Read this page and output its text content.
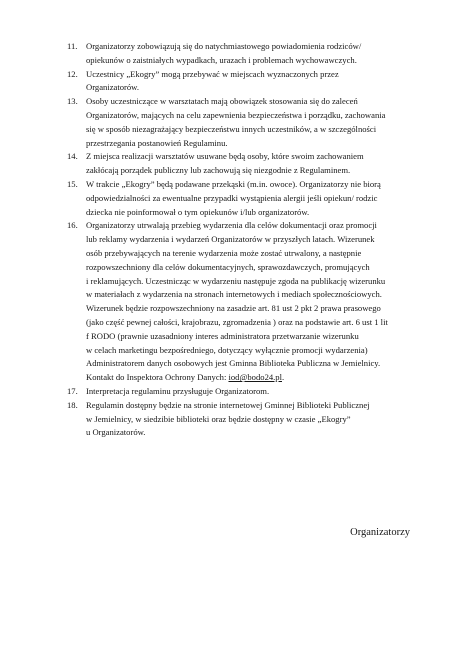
11. Organizatorzy zobowiązują się do natychmiastowego powiadomienia rodziców/
opiekunów o zaistniałych wypadkach, urazach i problemach wychowawczych.
12. Uczestnicy „Ekogry” mogą przebywać w miejscach wyznaczonych przez
Organizatorów.
13. Osoby uczestniczące w warsztatach mają obowiązek stosowania się do zaleceń
Organizatorów, mających na celu zapewnienia bezpieczeństwa i porządku, zachowania
się w sposób niezagrażający bezpieczeństwu innych uczestników, a w szczególności
przestrzegania postanowień Regulaminu.
14. Z miejsca realizacji warsztatów usuwane będą osoby, które swoim zachowaniem
zakłócają porządek publiczny lub zachowują się niezgodnie z Regulaminem.
15. W trakcie „Ekogry” będą podawane przekąski (m.in. owoce). Organizatorzy nie biorą
odpowiedzialności za ewentualne przypadki wystąpienia alergii jeśli opiekun/ rodzic
dziecka nie poinformował o tym opiekunów i/lub organizatorów.
16. Organizatorzy utrwalają przebieg wydarzenia dla celów dokumentacji oraz promocji
lub reklamy wydarzenia i wydarzeń Organizatorów w przyszłych latach. Wizerunek
osób przebywających na terenie wydarzenia może zostać utrwalony, a następnie
rozpowszechniony dla celów dokumentacyjnych, sprawozdawczych, promujących
i reklamujących. Uczestnicząc w wydarzeniu następuje zgoda na publikację wizerunku
w materiałach z wydarzenia na stronach internetowych i mediach społecznościowych.
Wizerunek będzie rozpowszechniony na zasadzie art. 81 ust 2 pkt 2 prawa prasowego
(jako część pewnej całości, krajobrazu, zgromadzenia ) oraz na podstawie art. 6 ust 1 lit
f RODO (prawnie uzasadniony interes administratora przetwarzanie wizerunku
w celach marketingu bezpośredniego, dotyczący wyłącznie promocji wydarzenia)
Administratorem danych osobowych jest Gminna Biblioteka Publiczna w Jemielnicy.
Kontakt do Inspektora Ochrony Danych: iod@bodo24.pl.
17. Interpretacja regulaminu przysługuje Organizatorom.
18. Regulamin dostępny będzie na stronie internetowej Gminnej Biblioteki Publicznej
w Jemielnicy, w siedzibie biblioteki oraz będzie dostępny w czasie „Ekogry”
u Organizatorów.
Organizatorzy
